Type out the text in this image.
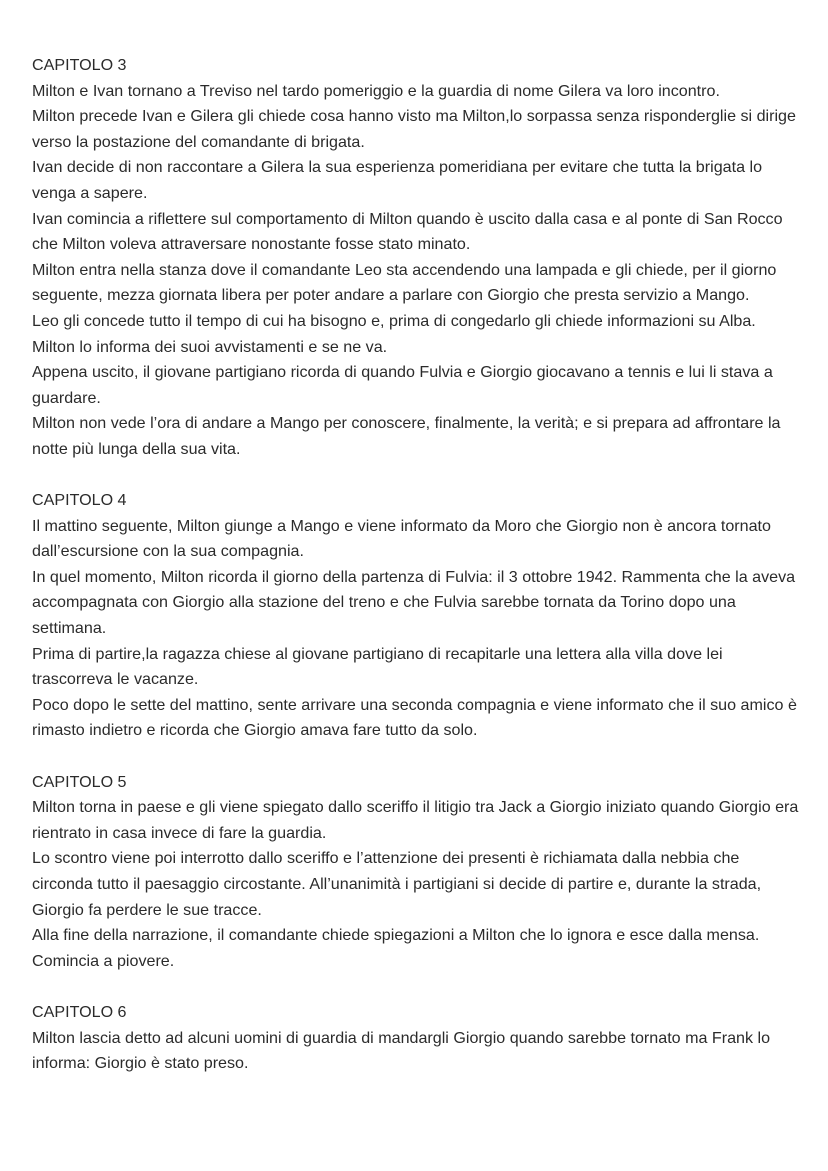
CAPITOLO 3

Milton e Ivan tornano a Treviso nel tardo pomeriggio e la guardia di nome Gilera va loro incontro.

Milton precede Ivan e Gilera gli chiede cosa hanno visto ma Milton,lo sorpassa senza risponderglie si dirige verso la postazione del comandante di brigata.

Ivan decide di non raccontare a Gilera la sua esperienza pomeridiana per evitare che tutta la brigata lo venga a sapere.

Ivan comincia a riflettere sul comportamento di Milton quando è uscito dalla casa e al ponte di San Rocco che Milton voleva attraversare nonostante fosse stato minato.

Milton entra nella stanza dove il comandante Leo sta accendendo una lampada e gli chiede, per il giorno seguente, mezza giornata libera per poter andare a parlare con Giorgio che presta servizio a Mango.

Leo gli concede tutto il tempo di cui ha bisogno e, prima di congedarlo gli chiede informazioni su Alba. Milton lo informa dei suoi avvistamenti e se ne va.

Appena uscito, il giovane partigiano ricorda di quando Fulvia e Giorgio giocavano a tennis e lui li stava a guardare.

Milton non vede l’ora di andare a Mango per conoscere, finalmente, la verità; e si prepara ad affrontare la notte più lunga della sua vita.

CAPITOLO 4

Il mattino seguente, Milton giunge a Mango e viene informato da Moro che Giorgio non è ancora tornato dall’escursione con la sua compagnia.

In quel momento, Milton ricorda il giorno della partenza di Fulvia: il 3 ottobre 1942. Rammenta che la aveva accompagnata con Giorgio alla stazione del treno e che Fulvia sarebbe tornata da Torino dopo una settimana.

Prima di partire,la ragazza chiese al giovane partigiano di recapitarle una lettera alla villa dove lei trascorreva le vacanze.

Poco dopo le sette del mattino, sente arrivare una seconda compagnia e viene informato che il suo amico è rimasto indietro e ricorda che Giorgio amava fare tutto da solo.

CAPITOLO 5

Milton torna in paese e gli viene spiegato dallo sceriffo il litigio tra Jack a Giorgio iniziato quando Giorgio era rientrato in casa invece di fare la guardia.

Lo scontro viene poi interrotto dallo sceriffo e l’attenzione dei presenti è richiamata dalla nebbia che circonda tutto il paesaggio circostante. All’unanimità i partigiani si decide di partire e, durante la strada, Giorgio fa perdere le sue tracce.

Alla fine della narrazione, il comandante chiede spiegazioni a Milton che lo ignora e esce dalla mensa. Comincia a piovere.

CAPITOLO 6

Milton lascia detto ad alcuni uomini di guardia di mandargli Giorgio quando sarebbe tornato ma Frank lo informa: Giorgio è stato preso.
